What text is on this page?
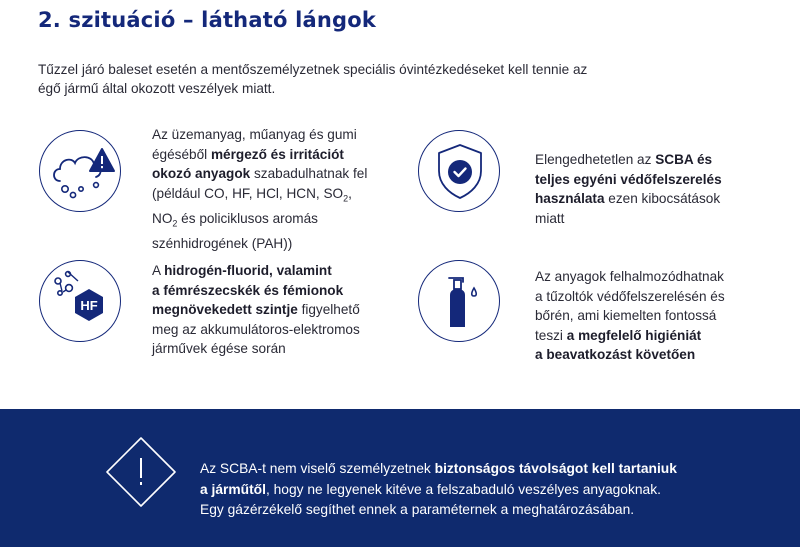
2. szituáció – látható lángok
Tűzzel járó baleset esetén a mentőszemélyzetnek speciális óvintézkedéseket kell tennie az
égő jármű által okozott veszélyek miatt.
Az üzemanyag, műanyag és gumi
égéséből mérgező és irritációt
okozó anyagok szabadulhatnak fel
(például CO, HF, HCl, HCN, $SO_2$,
$NO_2$ és policiklusos aromás
szénhidrogének (PAH))
Elengedhetetlen az SCBA és
teljes egyéni védőfelszerelés
használata ezen kibocsátások
miatt
HF
A hidrogén-fluorid, valamint
a fémrészecskék és fémionok
megnövekedett szintje figyelhető
meg az akkumulátoros-elektromos
járművek égése során
Az anyagok felhalmozódhatnak
a tűzoltók védőfelszerelésén és
bőrén, ami kiemelten fontossá
teszi a megfelelő higiéniát
a beavatkozást követően
Az SCBA-t nem viselő személyzetnek biztonságos távolságot kell tartaniuk
a járműtől, hogy ne legyenek kitéve a felszabaduló veszélyes anyagoknak.
Egy gázérzékelő segíthet ennek a paraméternek a meghatározásában.
